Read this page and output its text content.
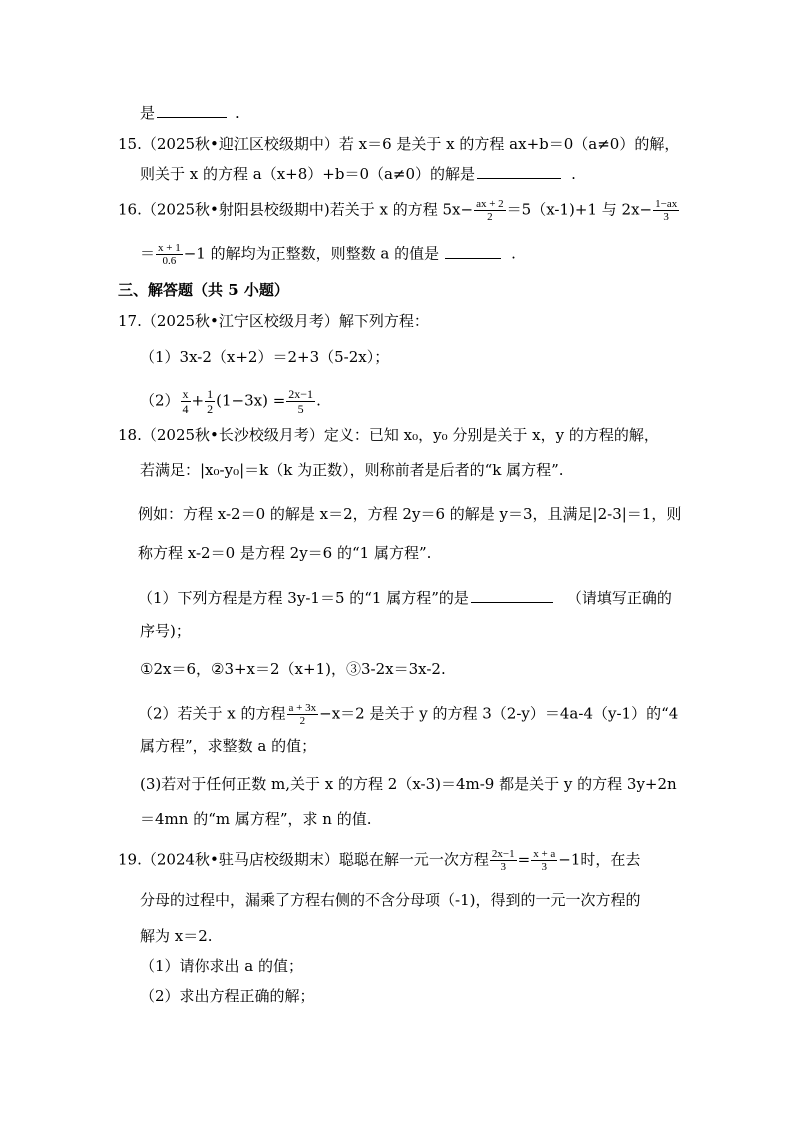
是	.
15.（2025秋•迎江区校级期中）若 x＝6 是关于 x 的方程 ax+b＝0（a≠0）的解，
则关于 x 的方程 a（x+8）+b＝0（a≠0）的解是	.
16.（2025秋•射阳县校级期中)若关于 x 的方程 $5x- \frac{ax + 2}{2} =5(x-1)+1$ 与 $2x- \frac{1-ax}{3}$
＝ $\frac{x + 1}{0.6} -1$ 的解均为正整数，则整数 a 的值是	.
三、解答题（共 5 小题）
17.（2025秋•江宁区校级月考）解下列方程：
（1）3x-2（x+2）＝2+3（5-2x）；
$(2) \frac{x}{4} + \frac{1}{2} (1-3x) = \frac{2x-1}{5}$ .
18.（2025秋•长沙校级月考）定义：已知 x₀，y₀ 分别是关于 x，y 的方程的解，
若满足：|x₀-y₀|＝k（k 为正数），则称前者是后者的“k 属方程”.
例如：方程 x-2＝0 的解是 x＝2，方程 2y＝6 的解是 y＝3，且满足|2-3|＝1，则
称方程 x-2＝0 是方程 2y＝6 的“1 属方程”.
（1）下列方程是方程 3y-1＝5 的“1 属方程”的是	（请填写正确的
序号)；
①2x＝6，②3+x＝2（x+1)，③3-2x＝3x-2.
（2）若关于 x 的方程 $\frac{a + 3x}{2} -x=2$ 是关于 y 的方程 3（2-y）＝4a-4（y-1）的“4
属方程”，求整数 a 的值；
(3)若对于任何正数 m,关于 x 的方程 2（x-3)＝4m-9 都是关于 y 的方程 3y+2n
＝4mn 的“m 属方程”，求 n 的值.
19.（2024秋•驻马店校级期末）聪聪在解一元一次方程 $\frac{2x-1}{3} = \frac{x + a}{3} -1$时，在去
分母的过程中，漏乘了方程右侧的不含分母项（-1)，得到的一元一次方程的
解为 x＝2.
（1）请你求出 a 的值；
（2）求出方程正确的解；
